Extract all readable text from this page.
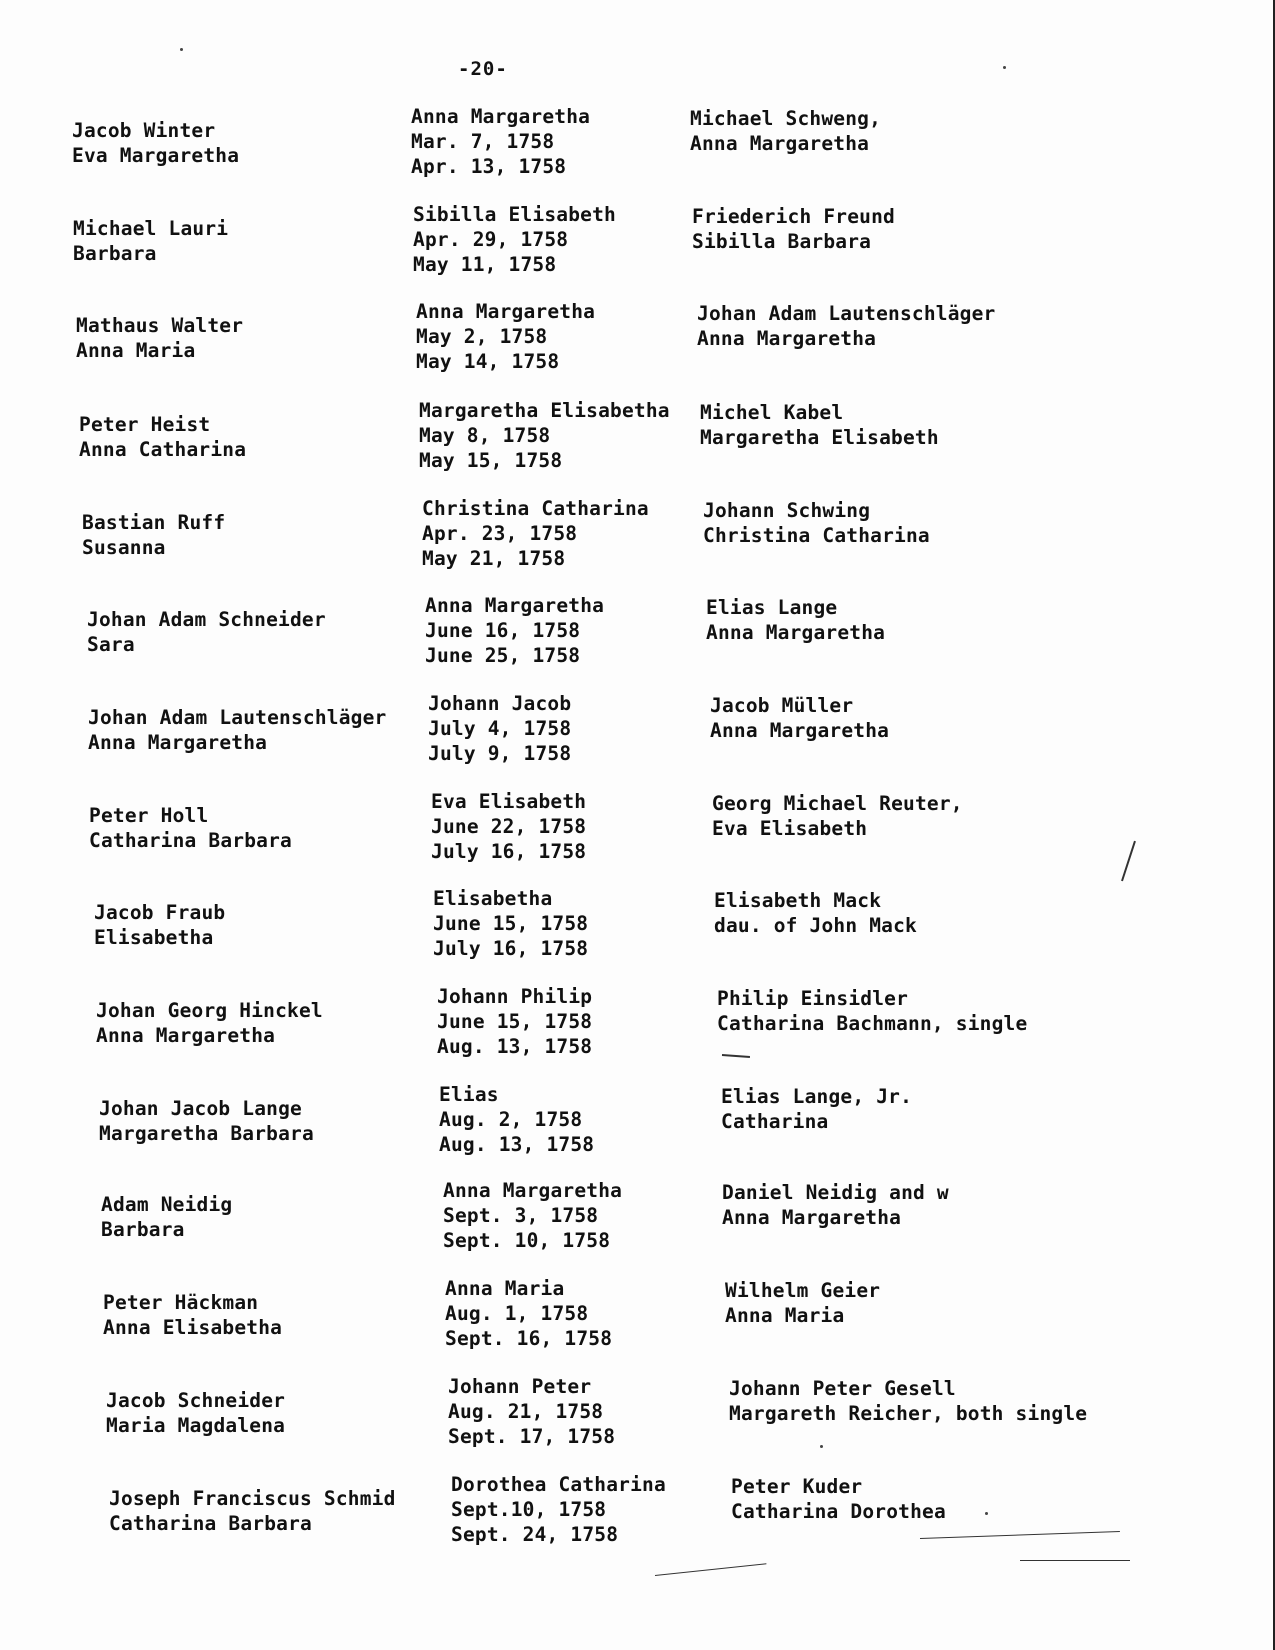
-20-
Jacob Winter
Eva Margaretha
Anna Margaretha
Mar. 7, 1758
Apr. 13, 1758
Michael Schweng,
Anna Margaretha
Michael Lauri
Barbara
Sibilla Elisabeth
Apr. 29, 1758
May 11, 1758
Friederich Freund
Sibilla Barbara
Mathaus Walter
Anna Maria
Anna Margaretha
May 2, 1758
May 14, 1758
Johan Adam Lautenschläger
Anna Margaretha
Peter Heist
Anna Catharina
Margaretha Elisabetha
May 8, 1758
May 15, 1758
Michel Kabel
Margaretha Elisabeth
Bastian Ruff
Susanna
Christina Catharina
Apr. 23, 1758
May 21, 1758
Johann Schwing
Christina Catharina
Johan Adam Schneider
Sara
Anna Margaretha
June 16, 1758
June 25, 1758
Elias Lange
Anna Margaretha
Johan Adam Lautenschläger
Anna Margaretha
Johann Jacob
July 4, 1758
July 9, 1758
Jacob Müller
Anna Margaretha
Peter Holl
Catharina Barbara
Eva Elisabeth
June 22, 1758
July 16, 1758
Georg Michael Reuter,
Eva Elisabeth
Jacob Fraub
Elisabetha
Elisabetha
June 15, 1758
July 16, 1758
Elisabeth Mack
dau. of John Mack
Johan Georg Hinckel
Anna Margaretha
Johann Philip
June 15, 1758
Aug. 13, 1758
Philip Einsidler
Catharina Bachmann, single
Johan Jacob Lange
Margaretha Barbara
Elias
Aug. 2, 1758
Aug. 13, 1758
Elias Lange, Jr.
Catharina
Adam Neidig
Barbara
Anna Margaretha
Sept. 3, 1758
Sept. 10, 1758
Daniel Neidig and w
Anna Margaretha
Peter Häckman
Anna Elisabetha
Anna Maria
Aug. 1, 1758
Sept. 16, 1758
Wilhelm Geier
Anna Maria
Jacob Schneider
Maria Magdalena
Johann Peter
Aug. 21, 1758
Sept. 17, 1758
Johann Peter Gesell
Margareth Reicher, both single
Joseph Franciscus Schmid
Catharina Barbara
Dorothea Catharina
Sept.10, 1758
Sept. 24, 1758
Peter Kuder
Catharina Dorothea
